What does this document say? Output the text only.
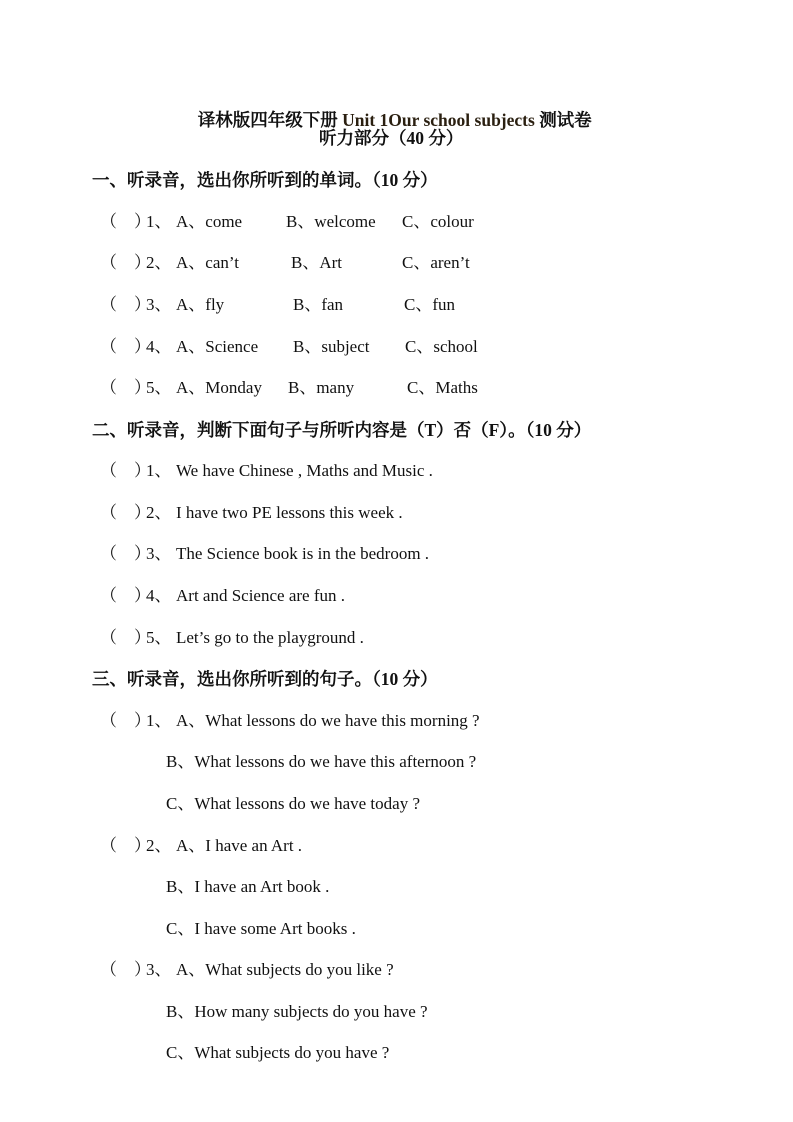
译林版四年级下册 Unit 1Our school subjects 测试卷

听力部分（40 分）
一、听录音，选出你所听到的单词。（10 分）
（    ）
1、 A、come	B、welcome C、colour
（    ）
2、 A、can’t	B、Art	C、aren’t
（    ）
3、 A、fly	B、fan	C、fun
（    ）
4、 A、Science B、subject C、school
（    ）
5、 A、Monday B、many	C、Maths
二、听录音，判断下面句子与所听内容是（T）否（F）。（10 分）
（    ）
1、 We have Chinese , Maths and Music .
（    ）
2、 I have two PE lessons this week .
（    ）
3、 The Science book is in the bedroom .
（    ）
4、 Art and Science are fun .
（    ）
5、 Let’s go to the playground .
三、听录音，选出你所听到的句子。（10 分）
（    ）
1、 A、What lessons do we have this morning ?
B、What lessons do we have this afternoon ?
C、What lessons do we have today ?
（    ）
2、 A、I have an Art .
B、I have an Art book .
C、I have some Art books .
（    ）
3、 A、What subjects do you like ?
B、How many subjects do you have ?
C、What subjects do you have ?
